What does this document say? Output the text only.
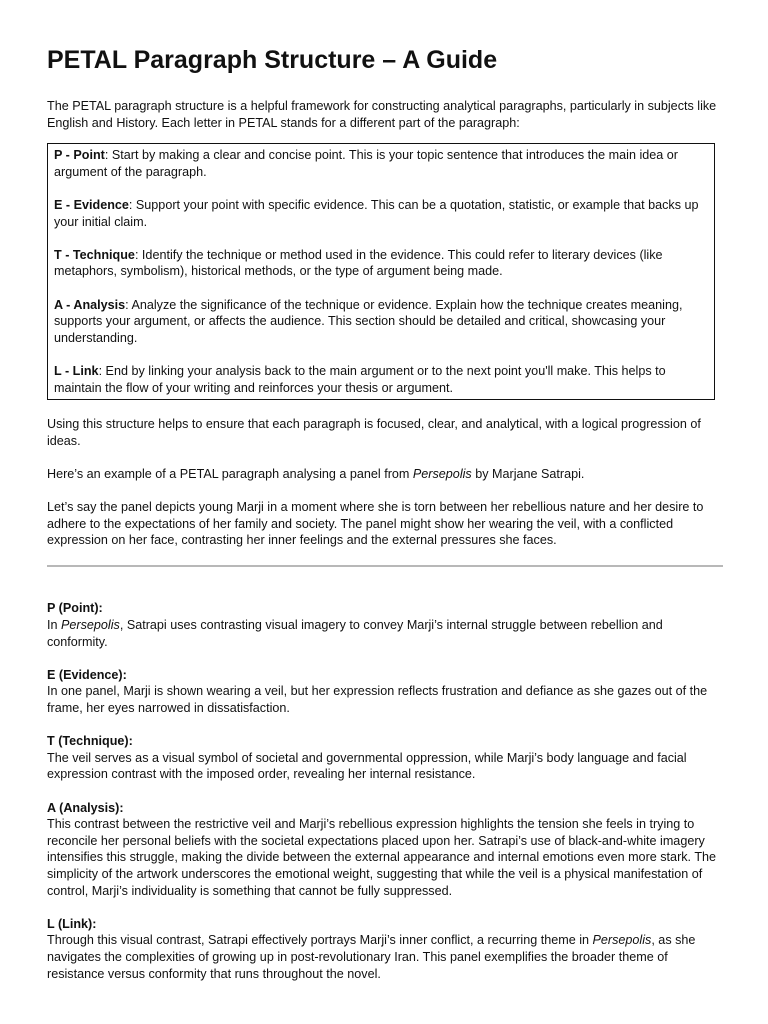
PETAL Paragraph Structure – A Guide

The PETAL paragraph structure is a helpful framework for constructing analytical paragraphs, particularly in subjects like English and History. Each letter in PETAL stands for a different part of the paragraph:

P - Point: Start by making a clear and concise point. This is your topic sentence that introduces the main idea or argument of the paragraph.

E - Evidence: Support your point with specific evidence. This can be a quotation, statistic, or example that backs up your initial claim.

T - Technique: Identify the technique or method used in the evidence. This could refer to literary devices (like metaphors, symbolism), historical methods, or the type of argument being made.

A - Analysis: Analyze the significance of the technique or evidence. Explain how the technique creates meaning, supports your argument, or affects the audience. This section should be detailed and critical, showcasing your understanding.

L - Link: End by linking your analysis back to the main argument or to the next point you'll make. This helps to maintain the flow of your writing and reinforces your thesis or argument.

Using this structure helps to ensure that each paragraph is focused, clear, and analytical, with a logical progression of ideas.

Here’s an example of a PETAL paragraph analysing a panel from Persepolis by Marjane Satrapi.

Let’s say the panel depicts young Marji in a moment where she is torn between her rebellious nature and her desire to adhere to the expectations of her family and society. The panel might show her wearing the veil, with a conflicted expression on her face, contrasting her inner feelings and the external pressures she faces.

P (Point):

In Persepolis, Satrapi uses contrasting visual imagery to convey Marji’s internal struggle between rebellion and conformity.

E (Evidence):

In one panel, Marji is shown wearing a veil, but her expression reflects frustration and defiance as she gazes out of the frame, her eyes narrowed in dissatisfaction.

T (Technique):

The veil serves as a visual symbol of societal and governmental oppression, while Marji’s body language and facial expression contrast with the imposed order, revealing her internal resistance.

A (Analysis):

This contrast between the restrictive veil and Marji’s rebellious expression highlights the tension she feels in trying to reconcile her personal beliefs with the societal expectations placed upon her. Satrapi’s use of black-and-white imagery intensifies this struggle, making the divide between the external appearance and internal emotions even more stark. The simplicity of the artwork underscores the emotional weight, suggesting that while the veil is a physical manifestation of control, Marji’s individuality is something that cannot be fully suppressed.

L (Link):

Through this visual contrast, Satrapi effectively portrays Marji’s inner conflict, a recurring theme in Persepolis, as she navigates the complexities of growing up in post-revolutionary Iran. This panel exemplifies the broader theme of resistance versus conformity that runs throughout the novel.
